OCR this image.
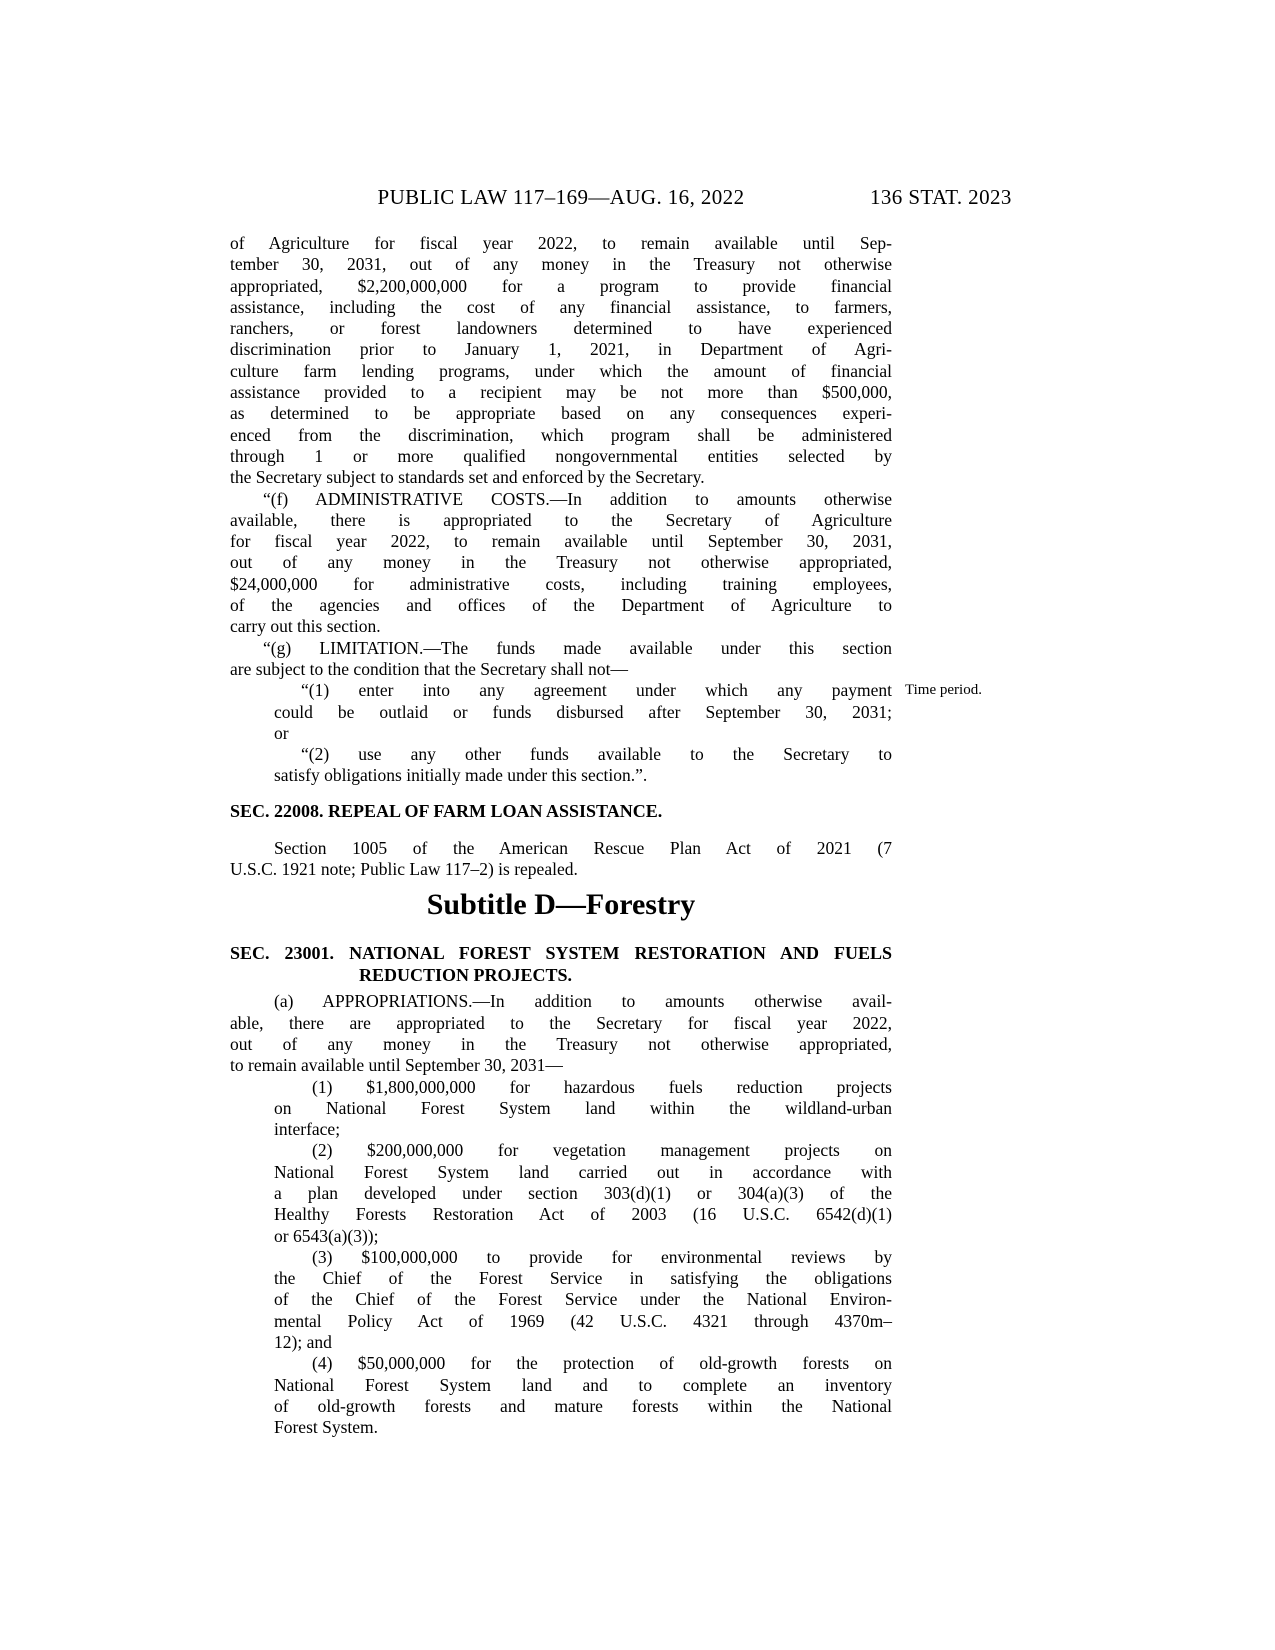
PUBLIC LAW 117–169—AUG. 16, 2022	136 STAT. 2023
of Agriculture for fiscal year 2022, to remain available until Sep-
tember 30, 2031, out of any money in the Treasury not otherwise
appropriated, $2,200,000,000 for a program to provide financial
assistance, including the cost of any financial assistance, to farmers,
ranchers, or forest landowners determined to have experienced
discrimination prior to January 1, 2021, in Department of Agri-
culture farm lending programs, under which the amount of financial
assistance provided to a recipient may be not more than $500,000,
as determined to be appropriate based on any consequences experi-
enced from the discrimination, which program shall be administered
through 1 or more qualified nongovernmental entities selected by
the Secretary subject to standards set and enforced by the Secretary.
“(f) ADMINISTRATIVE COSTS.—In addition to amounts otherwise
available, there is appropriated to the Secretary of Agriculture
for fiscal year 2022, to remain available until September 30, 2031,
out of any money in the Treasury not otherwise appropriated,
$24,000,000 for administrative costs, including training employees,
of the agencies and offices of the Department of Agriculture to
carry out this section.
“(g) LIMITATION.—The funds made available under this section
are subject to the condition that the Secretary shall not—
“(1) enter into any agreement under which any payment
could be outlaid or funds disbursed after September 30, 2031;
or
“(2) use any other funds available to the Secretary to
satisfy obligations initially made under this section.”.
SEC. 22008. REPEAL OF FARM LOAN ASSISTANCE.
Section 1005 of the American Rescue Plan Act of 2021 (7
U.S.C. 1921 note; Public Law 117–2) is repealed.
Subtitle D—Forestry
SEC. 23001. NATIONAL FOREST SYSTEM RESTORATION AND FUELS
REDUCTION PROJECTS.
(a) APPROPRIATIONS.—In addition to amounts otherwise avail-
able, there are appropriated to the Secretary for fiscal year 2022,
out of any money in the Treasury not otherwise appropriated,
to remain available until September 30, 2031—
(1) $1,800,000,000 for hazardous fuels reduction projects
on National Forest System land within the wildland-urban
interface;
(2) $200,000,000 for vegetation management projects on
National Forest System land carried out in accordance with
a plan developed under section 303(d)(1) or 304(a)(3) of the
Healthy Forests Restoration Act of 2003 (16 U.S.C. 6542(d)(1)
or 6543(a)(3));
(3) $100,000,000 to provide for environmental reviews by
the Chief of the Forest Service in satisfying the obligations
of the Chief of the Forest Service under the National Environ-
mental Policy Act of 1969 (42 U.S.C. 4321 through 4370m–
12); and
(4) $50,000,000 for the protection of old-growth forests on
National Forest System land and to complete an inventory
of old-growth forests and mature forests within the National
Forest System.
Time period.
